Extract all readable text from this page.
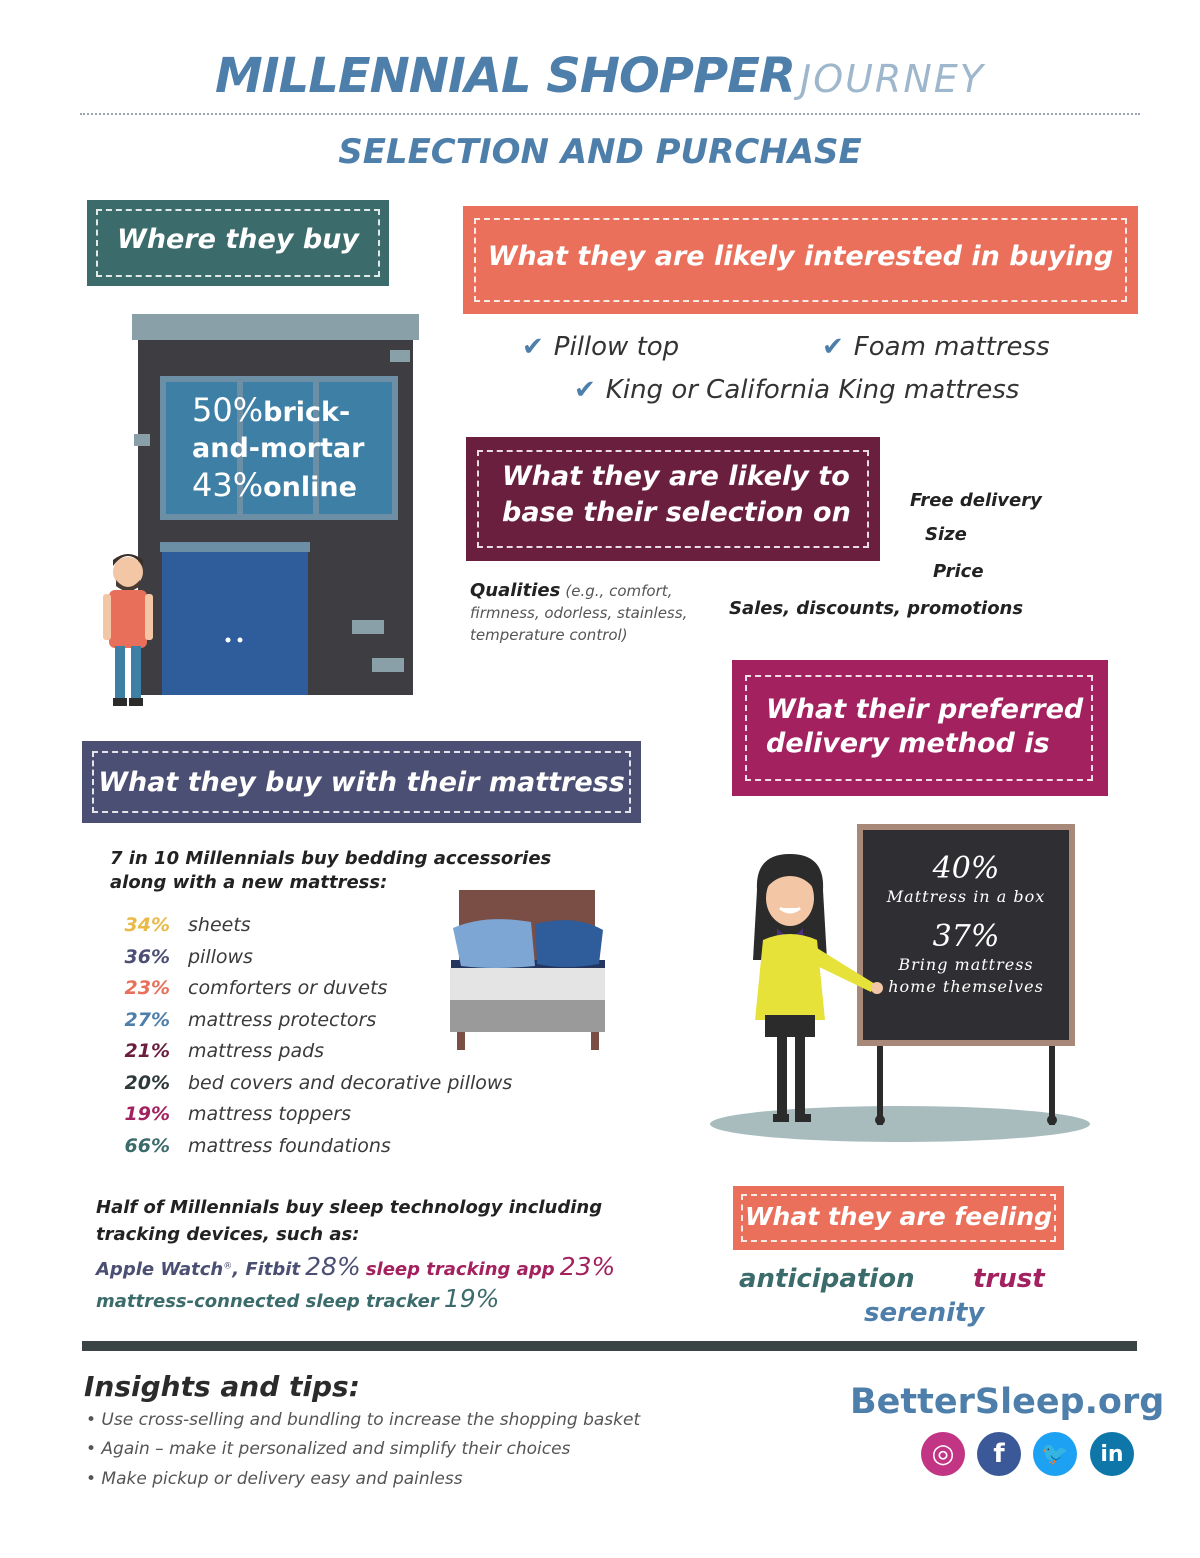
MILLENNIAL SHOPPER JOURNEY
SELECTION AND PURCHASE
Where they buy
50%brick-
and-mortar
43%online
What they are likely interested in buying
✔ Pillow top	✔ Foam mattress
✔ King or California King mattress
What they are likely to
base their selection on	Free delivery
Size
Price
Sales, discounts, promotions
Qualities (e.g., comfort,
firmness, odorless, stainless,
temperature control)
What they buy with their mattress
7 in 10 Millennials buy bedding accessories
along with a new mattress:
34% sheets
36% pillows
23% comforters or duvets
27% mattress protectors
21% mattress pads
20% bed covers and decorative pillows
19% mattress toppers
66% mattress foundations
Half of Millennials buy sleep technology including
tracking devices, such as:
Apple Watch®, Fitbit 28% sleep tracking app 23%
mattress-connected sleep tracker 19%
What their preferred
delivery method is
40%
Mattress in a box
37%
Bring mattress
home themselves
What they are feeling
anticipation trust
serenity
Insights and tips:
• Use cross-selling and bundling to increase the shopping basket
• Again – make it personalized and simplify their choices
• Make pickup or delivery easy and painless
BetterSleep.org
◎	f	🐦	in
